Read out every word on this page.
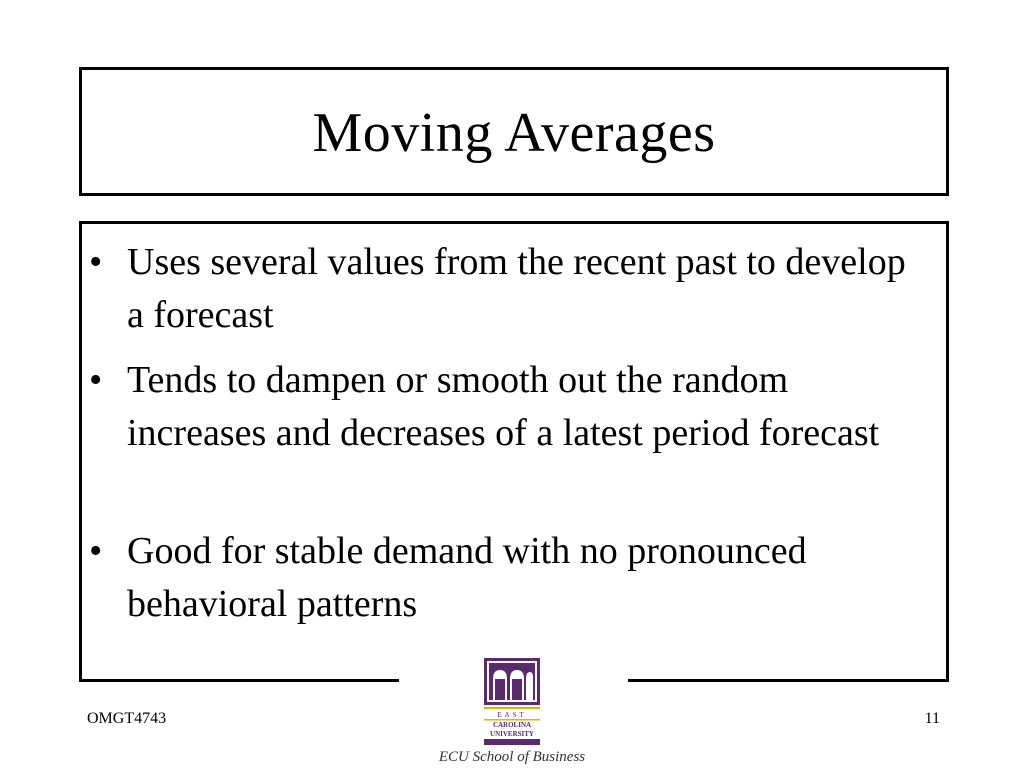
Moving Averages
• Uses several values from the recent past to develop a forecast
• Tends to dampen or smooth out the random increases and decreases of a latest period forecast
• Good for stable demand with no pronounced behavioral patterns
OMGT4743	11
EAST
CAROLINA
UNIVERSITY
ECU School of Business
